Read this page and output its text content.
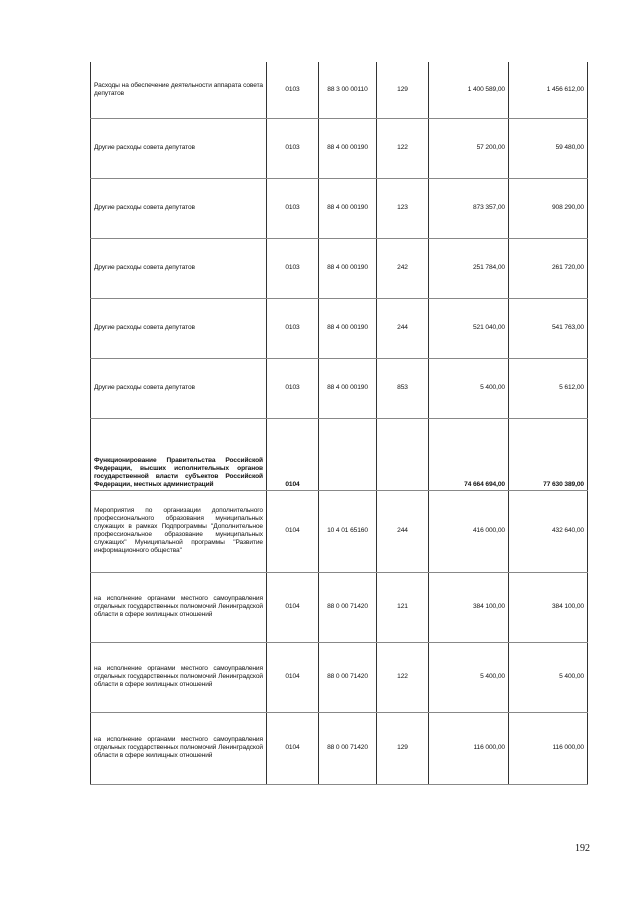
Расходы на обеспечение деятельности аппарата совета депутатов	0103	88 3 00 00110	129	1 400 589,00	1 456 612,00
Другие расходы совета депутатов	0103	88 4 00 00190	122	57 200,00	59 480,00
Другие расходы совета депутатов	0103	88 4 00 00190	123	873 357,00	908 290,00
Другие расходы совета депутатов	0103	88 4 00 00190	242	251 784,00	261 720,00
Другие расходы совета депутатов	0103	88 4 00 00190	244	521 040,00	541 763,00
Другие расходы совета депутатов	0103	88 4 00 00190	853	5 400,00	5 612,00
Функционирование Правительства Российской Федерации, высших исполнительных органов государственной власти субъектов Российской Федерации, местных администраций	0104			74 664 694,00	77 630 389,00
Мероприятия по организации дополнительного профессионального образования муниципальных служащих в рамках Подпрограммы "Дополнительное профессиональное образование муниципальных служащих" Муниципальной программы "Развитие информационного общества"	0104	10 4 01 65160	244	416 000,00	432 640,00
на исполнение органами местного самоуправления отдельных государственных полномочий Ленинградской области в сфере жилищных отношений	0104	88 0 00 71420	121	384 100,00	384 100,00
на исполнение органами местного самоуправления отдельных государственных полномочий Ленинградской области в сфере жилищных отношений	0104	88 0 00 71420	122	5 400,00	5 400,00
на исполнение органами местного самоуправления отдельных государственных полномочий Ленинградской области в сфере жилищных отношений	0104	88 0 00 71420	129	116 000,00	116 000,00
192
